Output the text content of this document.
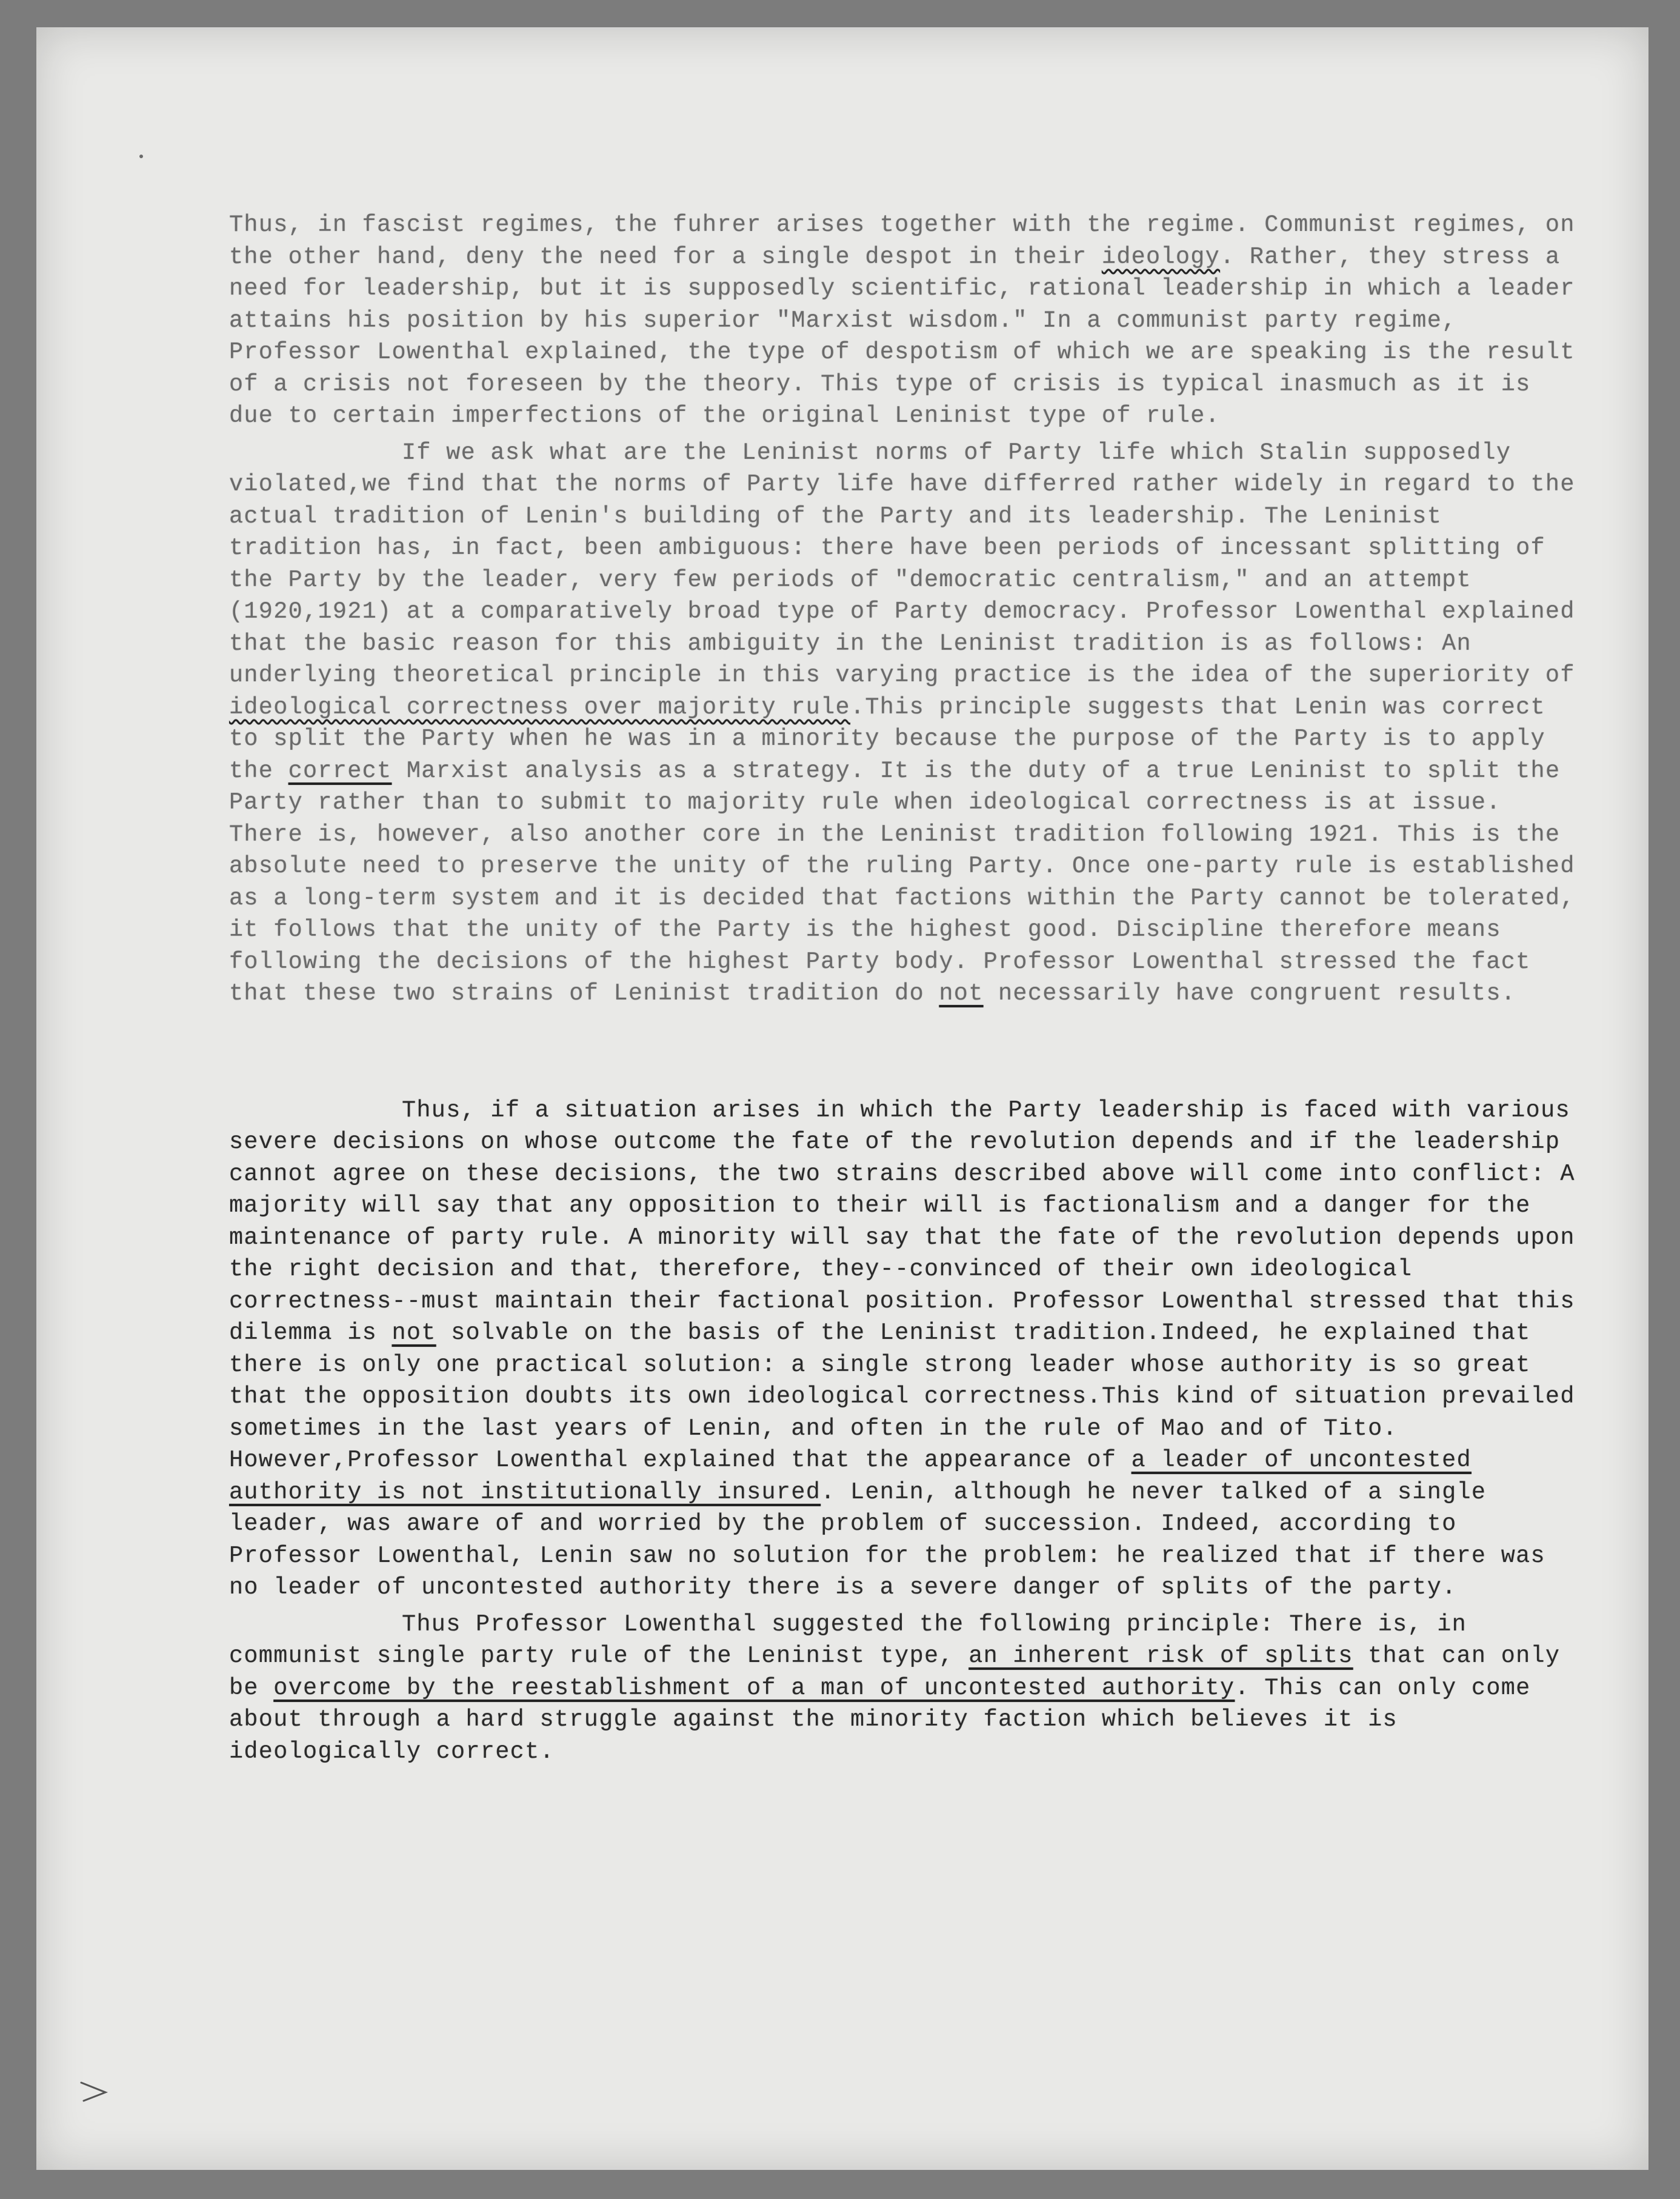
Thus, in fascist regimes, the fuhrer arises together with the regime. Communist regimes, on the other hand, deny the need for a single despot in their ideology. Rather, they stress a need for leadership, but it is supposedly scientific, rational leadership in which a leader attains his position by his superior "Marxist wisdom." In a communist party regime, Professor Lowenthal explained, the type of despotism of which we are speaking is the result of a crisis not foreseen by the theory. This type of crisis is typical inasmuch as it is due to certain imperfections of the original Leninist type of rule.

If we ask what are the Leninist norms of Party life which Stalin supposedly violated,we find that the norms of Party life have differred rather widely in regard to the actual tradition of Lenin's building of the Party and its leadership. The Leninist tradition has, in fact, been ambiguous: there have been periods of incessant splitting of the Party by the leader, very few periods of "democratic centralism," and an attempt (1920,1921) at a comparatively broad type of Party democracy. Professor Lowenthal explained that the basic reason for this ambiguity in the Leninist tradition is as follows: An underlying theoretical principle in this varying practice is the idea of the superiority of ideological correctness over majority rule.This principle suggests that Lenin was correct to split the Party when he was in a minority because the purpose of the Party is to apply the correct Marxist analysis as a strategy. It is the duty of a true Leninist to split the Party rather than to submit to majority rule when ideological correctness is at issue. There is, however, also another core in the Leninist tradition following 1921. This is the absolute need to preserve the unity of the ruling Party. Once one-party rule is established as a long-term system and it is decided that factions within the Party cannot be tolerated, it follows that the unity of the Party is the highest good. Discipline therefore means following the decisions of the highest Party body. Professor Lowenthal stressed the fact that these two strains of Leninist tradition do not necessarily have congruent results.

Thus, if a situation arises in which the Party leadership is faced with various severe decisions on whose outcome the fate of the revolution depends and if the leadership cannot agree on these decisions, the two strains described above will come into conflict: A majority will say that any opposition to their will is factionalism and a danger for the maintenance of party rule. A minority will say that the fate of the revolution depends upon the right decision and that, therefore, they--convinced of their own ideological correctness--must maintain their factional position. Professor Lowenthal stressed that this dilemma is not solvable on the basis of the Leninist tradition.Indeed, he explained that there is only one practical solution: a single strong leader whose authority is so great that the opposition doubts its own ideological correctness.This kind of situation prevailed sometimes in the last years of Lenin, and often in the rule of Mao and of Tito. However,Professor Lowenthal explained that the appearance of a leader of uncontested authority is not institutionally insured. Lenin, although he never talked of a single leader, was aware of and worried by the problem of succession. Indeed, according to Professor Lowenthal, Lenin saw no solution for the problem: he realized that if there was no leader of uncontested authority there is a severe danger of splits of the party.

Thus Professor Lowenthal suggested the following principle: There is, in communist single party rule of the Leninist type, an inherent risk of splits that can only be overcome by the reestablishment of a man of uncontested authority. This can only come about through a hard struggle against the minority faction which believes it is ideologically correct.
